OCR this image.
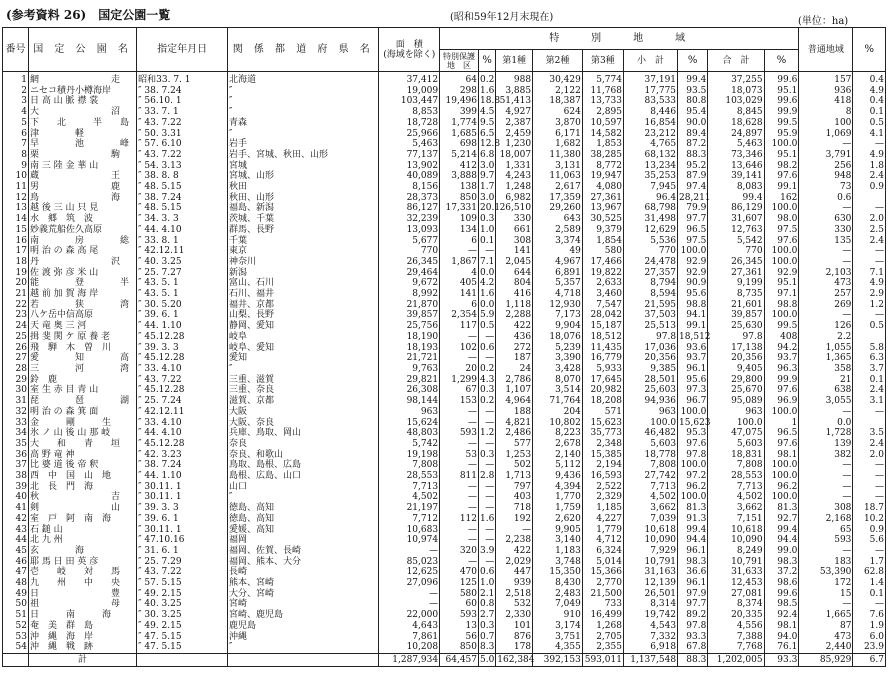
(参考資料 26)　国定公園一覧	(昭和59年12月末現在)	(単位：ha)
番号	国 定 公 園 名	指定年月日	関 係 都 道 府 県 名	面　積
(海域を除く)	特　　別　　地　　域									普通地域	%
					特別保護地　区	%	第1種	第2種	第3種	小　計	%	合　計	%		
1	網　　　　　　　　走	昭和33. 7. 1	北海道	37,412	64	0.2	988	30,429	5,774	37,191	99.4	37,255	99.6	157	0.4
2	ニセコ積丹小樽海岸	″ 38. 7.24	″	19,009	298	1.6	3,885	2,122	11,768	17,775	93.5	18,073	95.1	936	4.9
3	日 高 山 脈 襟 裳	″ 56.10. 1	″	103,447	19,496	18.8	51,413	18,387	13,733	83,533	80.8	103,029	99.6	418	0.4
4	大　　　　　　　　沼	″ 33. 7. 1	″	8,853	399	4.5	4,927	624	2,895	8,446	95.4	8,845	99.9	8	0.1
5	下　　北　　　半　　島	″ 43. 7.22	青森	18,728	1,774	9.5	2,387	3,870	10,597	16,854	90.0	18,628	99.5	100	0.5
6	津　　　　軽	″ 50. 3.31	″	25,966	1,685	6.5	2,459	6,171	14,582	23,212	89.4	24,897	95.9	1,069	4.1
7	早　　　　池　　　　峰	″ 57. 6.10	岩手	5,463	698	12.8	1,230	1,682	1,853	4,765	87.2	5,463	100.0	—	—
8	栗　　　　　　　　駒	″ 43. 7.22	岩手、宮城、秋田、山形	77,137	5,214	6.8	18,007	11,380	38,285	68,132	88.3	73,346	95.1	3,791	4.9
9	南 三 陸 金 華 山	″ 54. 3.13	宮城	13,902	412	3.0	1,331	3,131	8,772	13,234	95.2	13,646	98.2	256	1.8
10	蔵　　　　　　　　王	″ 38. 8. 8	宮城、山形	40,089	3,888	9.7	4,243	11,063	19,947	35,253	87.9	39,141	97.6	948	2.4
11	男　　　　　　　　鹿	″ 48. 5.15	秋田	8,156	138	1.7	1,248	2,617	4,080	7,945	97.4	8,083	99.1	73	0.9
12	鳥　　　　　　　　海	″ 38. 7.24	秋田、山形	28,373	850	3.0	6,982	17,359	27,361	96.4	28,211	99.4	162	0.6	
13	越 後 三 山 只 見	″ 48. 5.15	福島、新潟	86,127	17,331	20.1	26,510	29,260	13,967	68,798	79.9	86,129	100.0	—	—
14	水　郷　筑　波	″ 34. 3. 3	茨城、千葉	32,239	109	0.3	330	643	30,525	31,498	97.7	31,607	98.0	630	2.0
15	妙義荒船佐久高原	″ 44. 4.10	群馬、長野	13,093	134	1.0	661	2,589	9,379	12,629	96.5	12,763	97.5	330	2.5
16	南　　　　房　　　　総	″ 33. 8. 1	千葉	5,677	6	0.1	308	3,374	1,854	5,536	97.5	5,542	97.6	135	2.4
17	明 治 の 森 高 尾	″ 42.12.11	東京	770	—	—	141	49	580	770	100.0	770	100.0	—	—
18	丹　　　　　　　　沢	″ 40. 3.25	神奈川	26,345	1,867	7.1	2,045	4,967	17,466	24,478	92.9	26,345	100.0	—	—
19	佐 渡 弥 彦 米 山	″ 25. 7.27	新潟	29,464	4	0.0	644	6,891	19,822	27,357	92.9	27,361	92.9	2,103	7.1
20	能　　　　登　　　　半	″ 43. 5. 1	富山、石川	9,672	405	4.2	804	5,357	2,633	8,794	90.9	9,199	95.1	473	4.9
21	越 前 加 賀 海 岸	″ 43. 5. 1	石川、福井	8,992	141	1.6	416	4,718	3,460	8,594	95.6	8,735	97.1	257	2.9
22	若　　　　狭　　　　湾	″ 30. 5.20	福井、京都	21,870	6	0.0	1,118	12,930	7,547	21,595	98.8	21,601	98.8	269	1.2
23	八ケ岳中信高原	″ 39. 6. 1	山梨、長野	39,857	2,354	5.9	2,288	7,173	28,042	37,503	94.1	39,857	100.0	—	—
24	天 竜 奥 三 河	″ 44. 1.10	静岡、愛知	25,756	117	0.5	422	9,904	15,187	25,513	99.1	25,630	99.5	126	0.5
25	揖 斐 関 ケ 原 養 老	″ 45.12.28	岐阜	18,190	—	—	436	18,076	18,512	97.8	18,512	97.8	408	2.2	
26	飛　騨　木　曽　川	″ 39. 3. 3	岐阜、愛知	18,193	102	0.6	272	5,239	11,435	17,036	93.6	17,138	94.2	1,055	5.8
27	愛　　　　知　　　　高	″ 45.12.28	愛知	21,721	—	—	187	3,390	16,779	20,356	93.7	20,356	93.7	1,365	6.3
28	三　　　　河　　　　湾	″ 33. 4.10	″	9,763	20	0.2	24	3,428	5,933	9,385	96.1	9,405	96.3	358	3.7
29	鈴　鹿	″ 43. 7.22	三重、滋賀	29,821	1,299	4.3	2,786	8,070	17,645	28,501	95.6	29,800	99.9	21	0.1
30	室 生 赤 目 青 山	″ 45.12.28	三重、奈良	26,308	67	0.3	1,107	3,514	20,982	25,603	97.3	25,670	97.6	638	2.4
31	琵　　　　琶　　　　湖	″ 25. 7.24	滋賀、京都	98,144	153	0.2	4,964	71,764	18,208	94,936	96.7	95,089	96.9	3,055	3.1
32	明 治 の 森 箕 面	″ 42.12.11	大阪	963	—	—	188	204	571	963	100.0	963	100.0	—	—
33	金　　　剛　　　生	″ 33. 4.10	大阪、奈良	15,624	—	—	4,821	10,802	15,623	100.0	15,623	100.0	1	0.0	
34	氷 ノ 山 後 山 那 岐	″ 44. 4.10	兵庫、鳥取、岡山	48,803	593	1.2	2,486	8,223	35,773	46,482	95.3	47,075	96.5	1,728	3.5
35	大　　和　　青　　垣	″ 45.12.28	奈良	5,742	—	—	577	2,678	2,348	5,603	97.6	5,603	97.6	139	2.4
36	高 野 竜 神	″ 42. 3.23	奈良、和歌山	19,198	53	0.3	1,253	2,140	15,385	18,778	97.8	18,831	98.1	382	2.0
37	比 婆 道 後 帝 釈	″ 38. 7.24	鳥取、島根、広島	7,808	—	—	502	5,112	2,194	7,808	100.0	7,808	100.0	—	—
38	西　中　国　山　地	″ 44. 1.10	島根、広島、山口	28,553	811	2.8	1,713	9,436	16,593	27,742	97.2	28,553	100.0	—	—
39	北　長　門　海	″ 30.11. 1	山口	7,713	—	—	797	4,394	2,522	7,713	96.2	7,713	96.2	—	—
40	秋　　　　　　　　吉	″ 30.11. 1	″	4,502	—	—	403	1,770	2,329	4,502	100.0	4,502	100.0	—	—
41	剣　　　　　　　　山	″ 39. 3. 3	徳島、高知	21,197	—	—	718	1,759	1,185	3,662	81.3	3,662	81.3	308	18.7
42	室　戸　阿　南　海	″ 39. 6. 1	徳島、高知	7,712	112	1.6	192	2,620	4,227	7,039	91.3	7,151	92.7	2,168	10.2
43	石 鎚 山	″ 30.11. 1	愛媛、高知	10,683	—	—	—	9,905	1,779	10,618	99.4	10,618	99.4	65	0.9
44	北 九 州	″ 47.10.16	福岡	10,974	—	—	2,238	3,140	4,712	10,090	94.4	10,090	94.4	593	5.6
45	玄　　　　海	″ 31. 6. 1	福岡、佐賀、長崎	—	320	3.9	422	1,183	6,324	7,929	96.1	8,249	99.0	—	—
46	耶 馬 日 田 英 彦	″ 25. 7.29	福岡、熊本、大分	85,023	—	—	2,029	3,748	5,014	10,791	98.3	10,791	98.3	183	1.7
47	壱　　岐　　対　　馬	″ 43. 7.22	長崎	12,625	470	0.6	447	15,350	15,366	31,163	36.6	31,633	37.2	53,390	62.8
48	九　　州　　中　　央	″ 57. 5.15	熊本、宮崎	27,096	125	1.0	939	8,430	2,770	12,139	96.1	12,453	98.6	172	1.4
49	日　　　　　　　　豊	″ 49. 2.15	大分、宮崎	—	580	2.1	2,518	2,483	21,500	26,501	97.9	27,081	99.6	15	0.1
50	祖　　　　　　　　母	″ 40. 3.25	宮崎	—	60	0.8	532	7,049	733	8,314	97.7	8,374	98.5	—	—
51	日　　　南　　　海	″ 30. 3.25	宮崎、鹿児島	22,000	593	2.7	2,330	910	16,499	19,742	89.2	20,335	92.4	1,665	7.6
52	奄　美　群　島	″ 49. 2.15	鹿児島	4,643	13	0.3	101	3,174	1,268	4,543	97.8	4,556	98.1	87	1.9
53	沖　縄　海　岸	″ 47. 5.15	沖縄	7,861	56	0.7	876	3,751	2,705	7,332	93.3	7,388	94.0	473	6.0
54	沖　縄　戦　跡	″ 47. 5.15	″	10,208	850	8.3	178	4,355	2,355	6,918	67.8	7,768	76.1	2,440	23.9
	計			1,287,934	64,457	5.0	162,384	392,153	593,011	1,137,548	88.3	1,202,005	93.3	85,929	6.7
